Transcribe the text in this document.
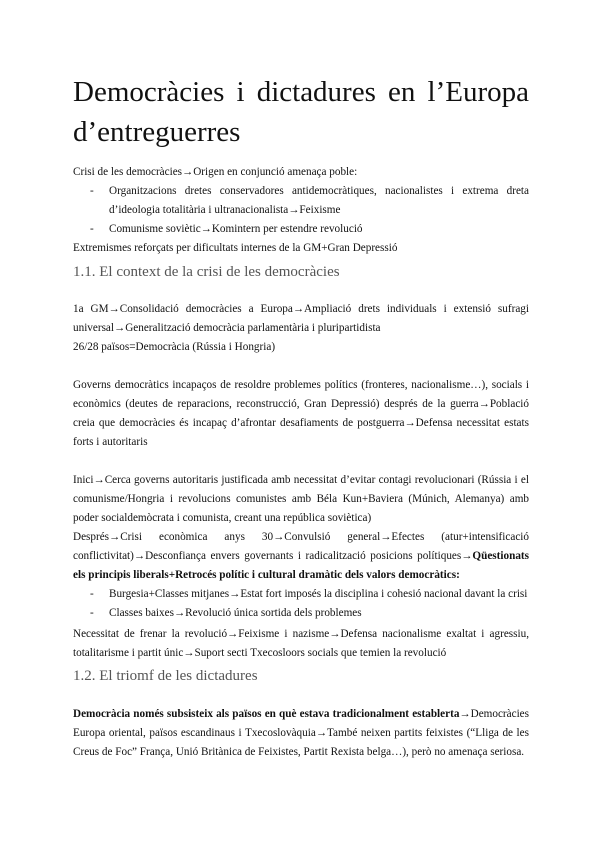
Democràcies i dictadures en l’Europa d’entreguerres

Crisi de les democràcies→Origen en conjunció amenaça poble:

- Organitzacions dretes conservadores antidemocràtiques, nacionalistes i extrema dreta d’ideologia totalitària i ultranacionalista→Feixisme
- Comunisme soviètic→Komintern per estendre revolució

Extremismes reforçats per dificultats internes de la GM+Gran Depressió

1.1. El context de la crisi de les democràcies

1a GM→Consolidació democràcies a Europa→Ampliació drets individuals i extensió sufragi universal→Generalització democràcia parlamentària i pluripartidista

26/28 països=Democràcia (Rússia i Hongria)

Governs democràtics incapaços de resoldre problemes polítics (fronteres, nacionalisme…), socials i econòmics (deutes de reparacions, reconstrucció, Gran Depressió) després de la guerra→Població creia que democràcies és incapaç d’afrontar desafiaments de postguerra→Defensa necessitat estats forts i autoritaris

Inici→Cerca governs autoritaris justificada amb necessitat d’evitar contagi revolucionari (Rússia i el comunisme/Hongria i revolucions comunistes amb Béla Kun+Baviera (Múnich, Alemanya) amb poder socialdemòcrata i comunista, creant una república soviètica)

Després→Crisi econòmica anys 30→Convulsió general→Efectes (atur+intensificació conflictivitat)→Desconfiança envers governants i radicalització posicions polítiques→Qüestionats els principis liberals+Retrocés polític i cultural dramàtic dels valors democràtics:

- Burgesia+Classes mitjanes→Estat fort imposés la disciplina i cohesió nacional davant la crisi
- Classes baixes→Revolució única sortida dels problemes

Necessitat de frenar la revolució→Feixisme i nazisme→Defensa nacionalisme exaltat i agressiu, totalitarisme i partit únic→Suport secti Txecosloors socials que temien la revolució

1.2. El triomf de les dictadures

Democràcia només subsisteix als països en què estava tradicionalment establerta→Democràcies Europa oriental, països escandinaus i Txecoslovàquia→També neixen partits feixistes (“Lliga de les Creus de Foc” França, Unió Britànica de Feixistes, Partit Rexista belga…), però no amenaça seriosa.
